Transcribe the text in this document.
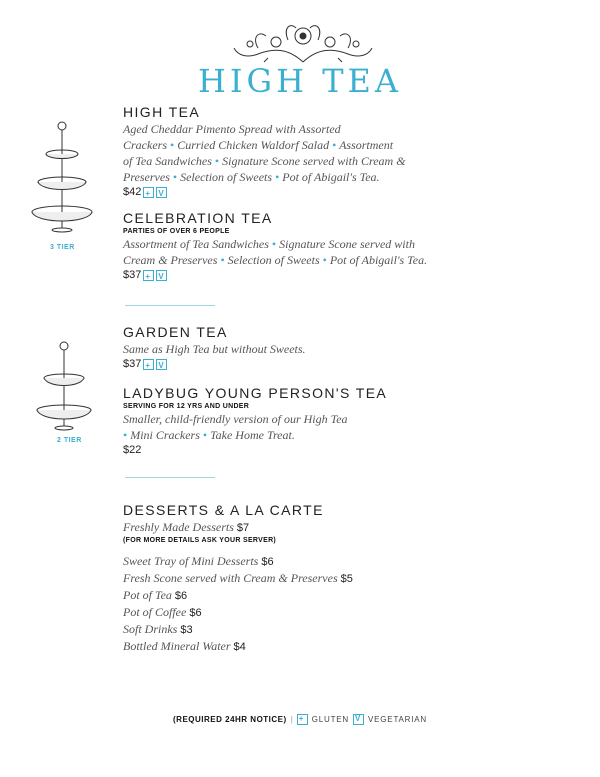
HIGH TEA
3 TIER
2 TIER
HIGH TEA
Aged Cheddar Pimento Spread with Assorted
Crackers • Curried Chicken Waldorf Salad • Assortment
of Tea Sandwiches • Signature Scone served with Cream &
Preserves • Selection of Sweets • Pot of Abigail's Tea.
$42 + V
CELEBRATION TEA
PARTIES OF OVER 6 PEOPLE
Assortment of Tea Sandwiches • Signature Scone served with
Cream & Preserves • Selection of Sweets • Pot of Abigail's Tea.
$37 + V
GARDEN TEA
Same as High Tea but without Sweets.
$37 + V
LADYBUG YOUNG PERSON'S TEA
SERVING FOR 12 YRS AND UNDER
Smaller, child-friendly version of our High Tea
• Mini Crackers • Take Home Treat.
$22
DESSERTS & A LA CARTE
Freshly Made Desserts $7
(FOR MORE DETAILS ASK YOUR SERVER)
Sweet Tray of Mini Desserts $6
Fresh Scone served with Cream & Preserves $5
Pot of Tea $6
Pot of Coffee $6
Soft Drinks $3
Bottled Mineral Water $4
(REQUIRED 24HR NOTICE) | + GLUTEN V VEGETARIAN
